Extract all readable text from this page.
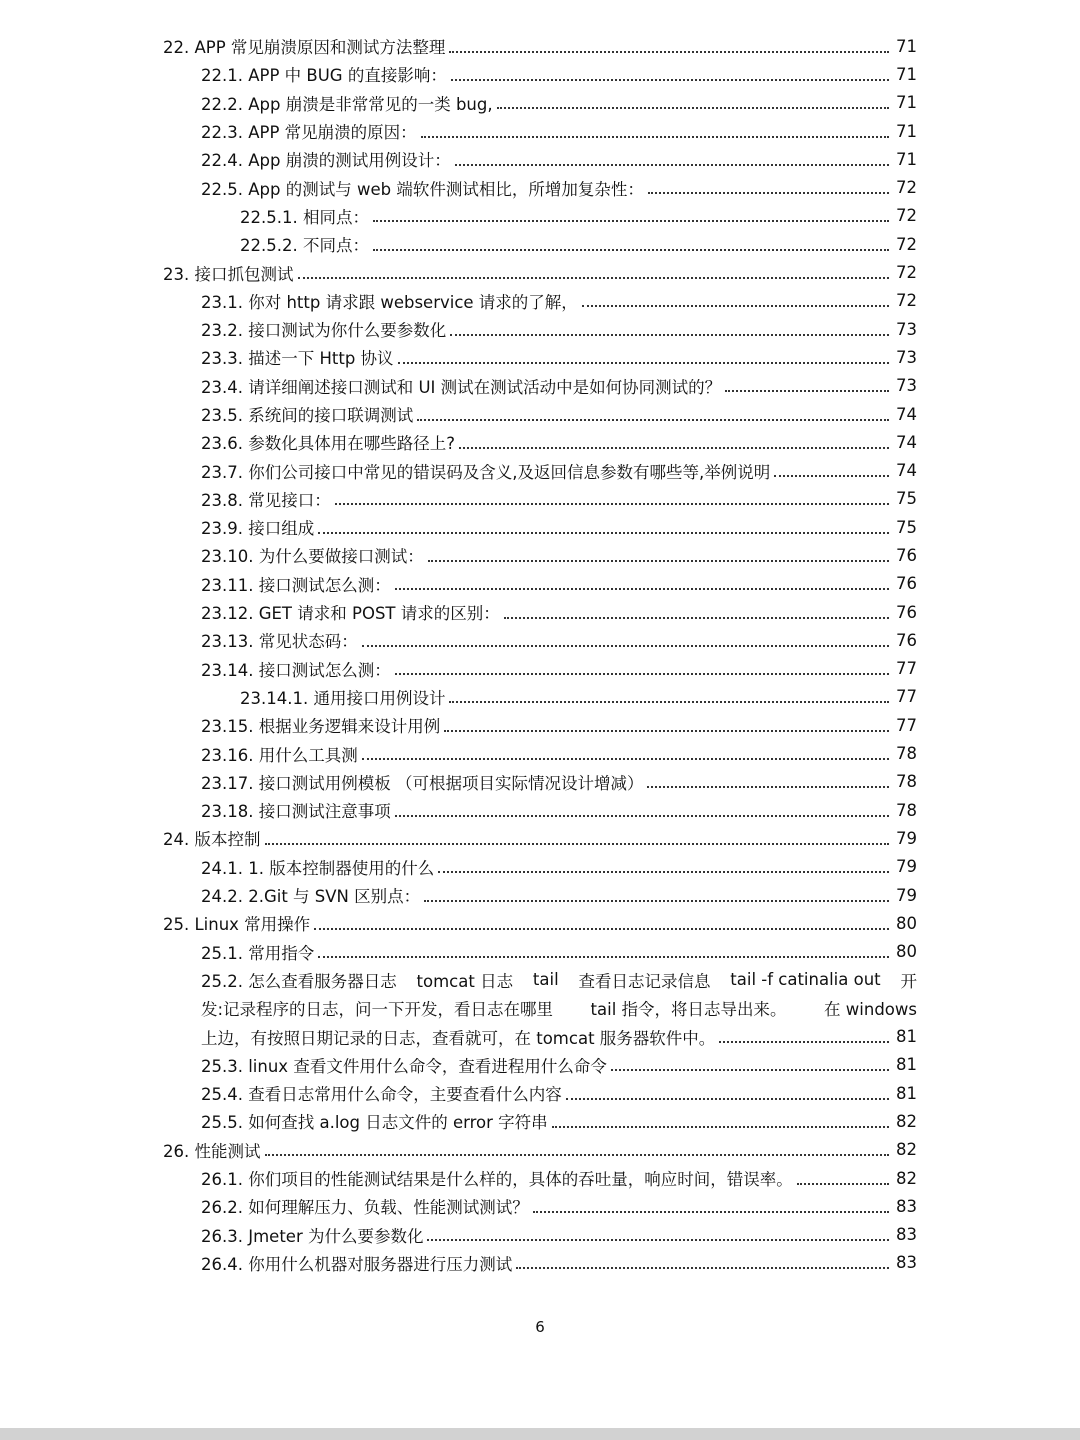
22. APP 常见崩溃原因和测试方法整理	71
22.1. APP 中 BUG 的直接影响：	71
22.2. App 崩溃是非常常见的一类 bug,	71
22.3. APP 常见崩溃的原因：	71
22.4. App 崩溃的测试用例设计：	71
22.5. App 的测试与 web 端软件测试相比，所增加复杂性：	72
22.5.1. 相同点：	72
22.5.2. 不同点：	72
23. 接口抓包测试	72
23.1. 你对 http 请求跟 webservice 请求的了解，	72
23.2. 接口测试为你什么要参数化	73
23.3. 描述一下 Http 协议	73
23.4. 请详细阐述接口测试和 UI 测试在测试活动中是如何协同测试的？	73
23.5. 系统间的接口联调测试	74
23.6. 参数化具体用在哪些路径上?	74
23.7. 你们公司接口中常见的错误码及含义,及返回信息参数有哪些等,举例说明	74
23.8. 常见接口：	75
23.9. 接口组成	75
23.10. 为什么要做接口测试：	76
23.11. 接口测试怎么测：	76
23.12. GET 请求和 POST 请求的区别：	76
23.13. 常见状态码：	76
23.14. 接口测试怎么测：	77
23.14.1. 通用接口用例设计	77
23.15. 根据业务逻辑来设计用例	77
23.16. 用什么工具测	78
23.17. 接口测试用例模板 （可根据项目实际情况设计增减）	78
23.18. 接口测试注意事项	78
24. 版本控制	79
24.1. 1. 版本控制器使用的什么	79
24.2. 2.Git 与 SVN 区别点：	79
25. Linux 常用操作	80
25.1. 常用指令	80
25.2. 怎么查看服务器日志 tomcat 日志 tail 查看日志记录信息 tail -f catinalia out 开
发:记录程序的日志，问一下开发，看日志在哪里 tail 指令，将日志导出来。 在 windows
上边，有按照日期记录的日志，查看就可，在 tomcat 服务器软件中。	81
25.3. linux 查看文件用什么命令，查看进程用什么命令	81
25.4. 查看日志常用什么命令，主要查看什么内容	81
25.5. 如何查找 a.log 日志文件的 error 字符串	82
26. 性能测试	82
26.1. 你们项目的性能测试结果是什么样的，具体的吞吐量，响应时间，错误率。	82
26.2. 如何理解压力、负载、性能测试测试？	83
26.3. Jmeter 为什么要参数化	83
26.4. 你用什么机器对服务器进行压力测试	83
6
